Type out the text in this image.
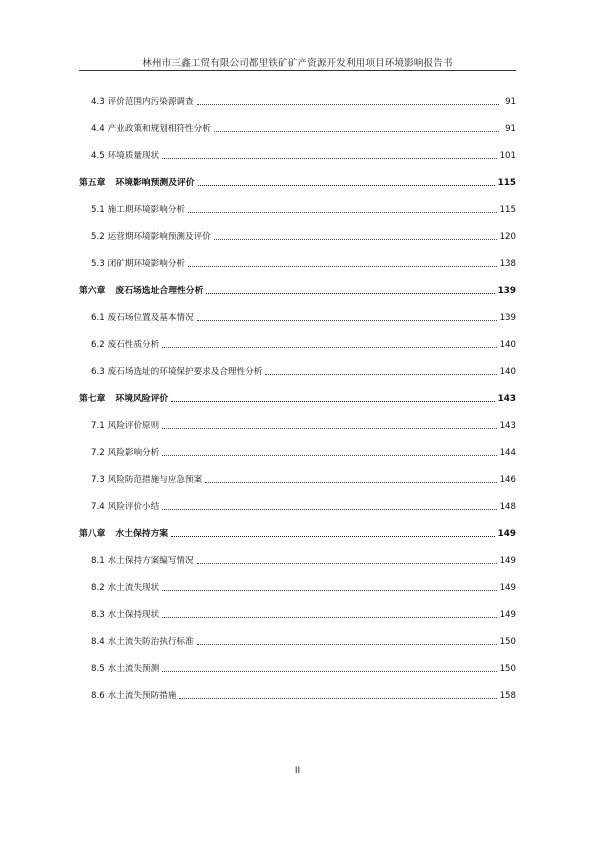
林州市三鑫工贸有限公司都里铁矿矿产资源开发利用项目环境影响报告书
4.3 评价范围内污染源调查	91
4.4 产业政策和规划相符性分析	91
4.5 环境质量现状	101
第五章 环境影响预测及评价	115
5.1 施工期环境影响分析	115
5.2 运营期环境影响预测及评价	120
5.3 闭矿期环境影响分析	138
第六章 废石场选址合理性分析	139
6.1 废石场位置及基本情况	139
6.2 废石性质分析	140
6.3 废石场选址的环境保护要求及合理性分析	140
第七章 环境风险评价	143
7.1 风险评价原则	143
7.2 风险影响分析	144
7.3 风险防范措施与应急预案	146
7.4 风险评价小结	148
第八章 水土保持方案	149
8.1 水土保持方案编写情况	149
8.2 水土流失现状	149
8.3 水土保持现状	149
8.4 水土流失防治执行标准	150
8.5 水土流失预测	150
8.6 水土流失预防措施	158
II
